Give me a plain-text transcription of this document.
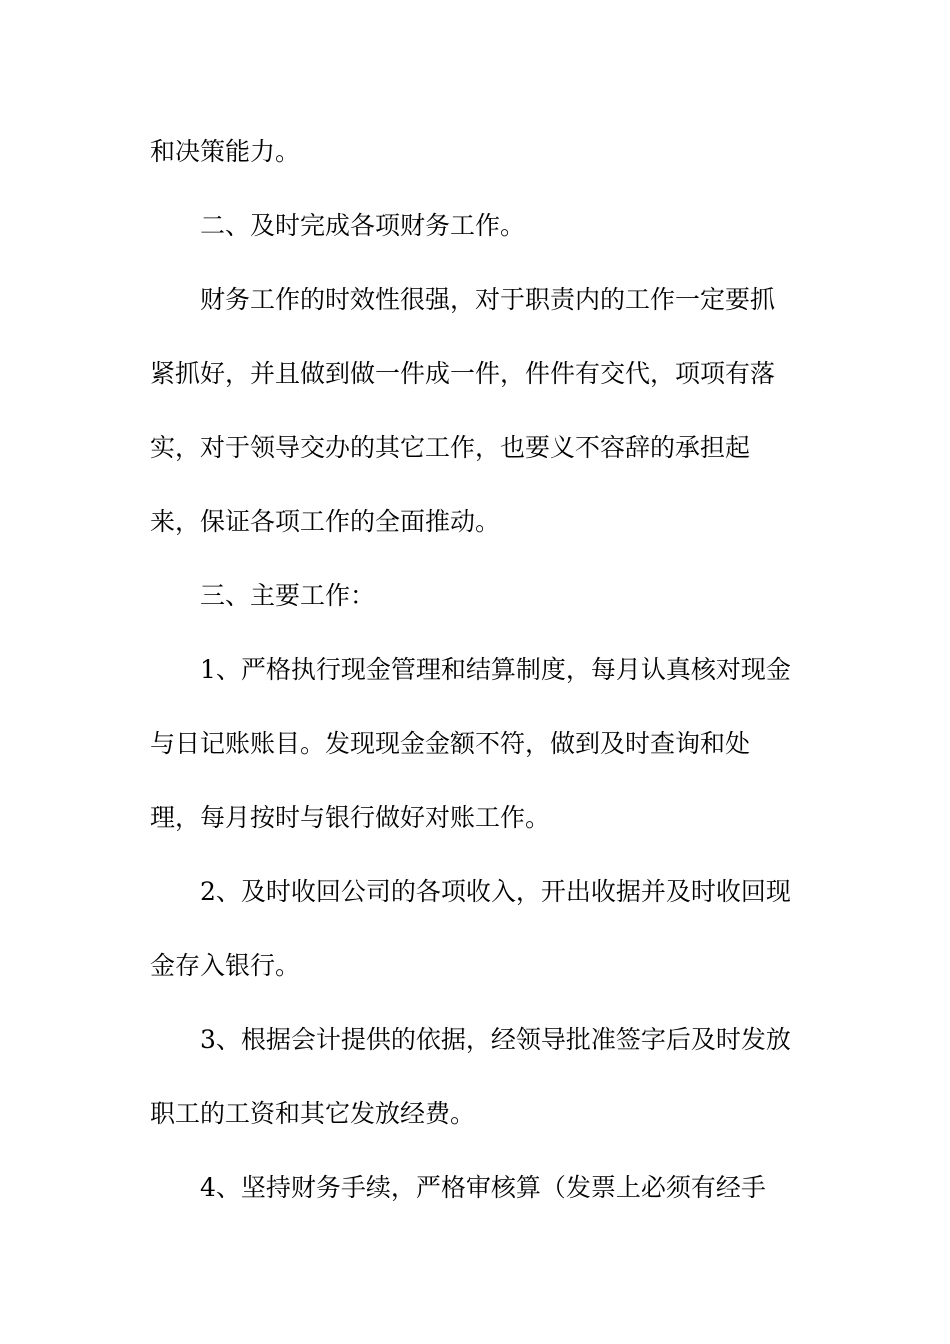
和决策能力。
二、及时完成各项财务工作。
财务工作的时效性很强，对于职责内的工作一定要抓
紧抓好，并且做到做一件成一件，件件有交代，项项有落
实，对于领导交办的其它工作，也要义不容辞的承担起
来，保证各项工作的全面推动。
三、主要工作：
1、严格执行现金管理和结算制度，每月认真核对现金
与日记账账目。发现现金金额不符，做到及时查询和处
理，每月按时与银行做好对账工作。
2、及时收回公司的各项收入，开出收据并及时收回现
金存入银行。
3、根据会计提供的依据，经领导批准签字后及时发放
职工的工资和其它发放经费。
4、坚持财务手续，严格审核算（发票上必须有经手
